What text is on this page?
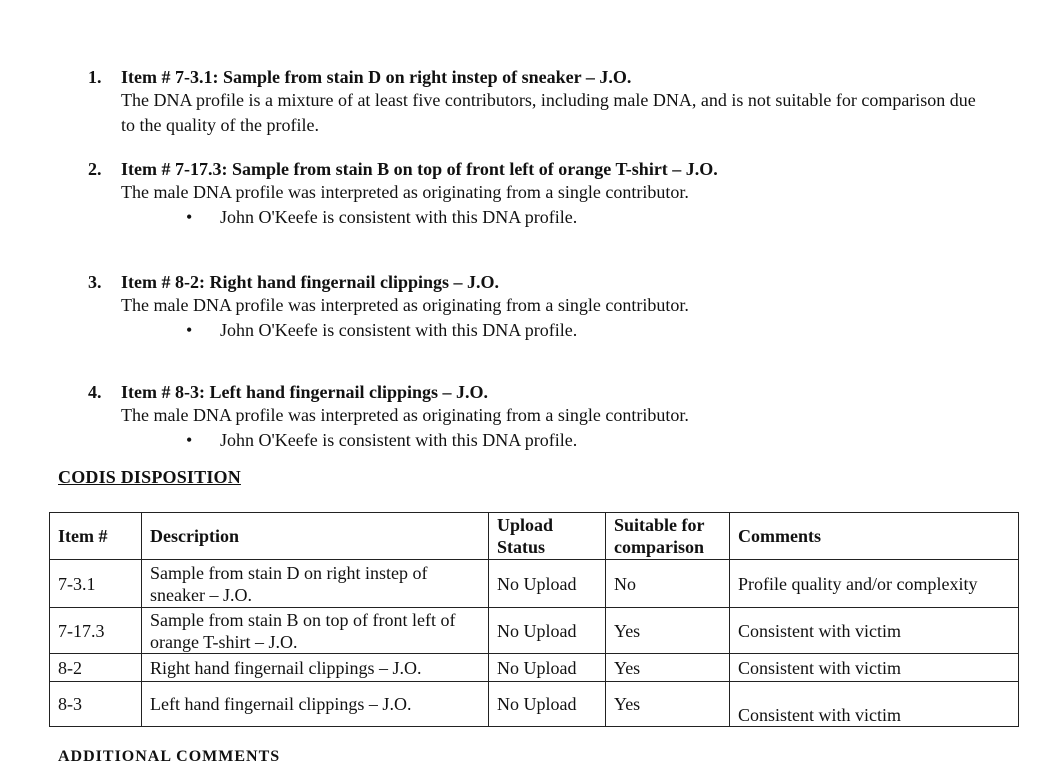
1. Item # 7-3.1: Sample from stain D on right instep of sneaker – J.O.
The DNA profile is a mixture of at least five contributors, including male DNA, and is not suitable for comparison due to the quality of the profile.
2. Item # 7-17.3: Sample from stain B on top of front left of orange T-shirt – J.O.
The male DNA profile was interpreted as originating from a single contributor.
• John O'Keefe is consistent with this DNA profile.
3. Item # 8-2: Right hand fingernail clippings – J.O.
The male DNA profile was interpreted as originating from a single contributor.
• John O'Keefe is consistent with this DNA profile.
4. Item # 8-3: Left hand fingernail clippings – J.O.
The male DNA profile was interpreted as originating from a single contributor.
• John O'Keefe is consistent with this DNA profile.
CODIS DISPOSITION
Item #	Description	Upload Status	Suitable for comparison	Comments
7-3.1	Sample from stain D on right instep of sneaker – J.O.	No Upload	No	Profile quality and/or complexity
7-17.3	Sample from stain B on top of front left of orange T-shirt – J.O.	No Upload	Yes	Consistent with victim
8-2	Right hand fingernail clippings – J.O.	No Upload	Yes	Consistent with victim
8-3	Left hand fingernail clippings – J.O.	No Upload	Yes	Consistent with victim
ADDITIONAL COMMENTS
